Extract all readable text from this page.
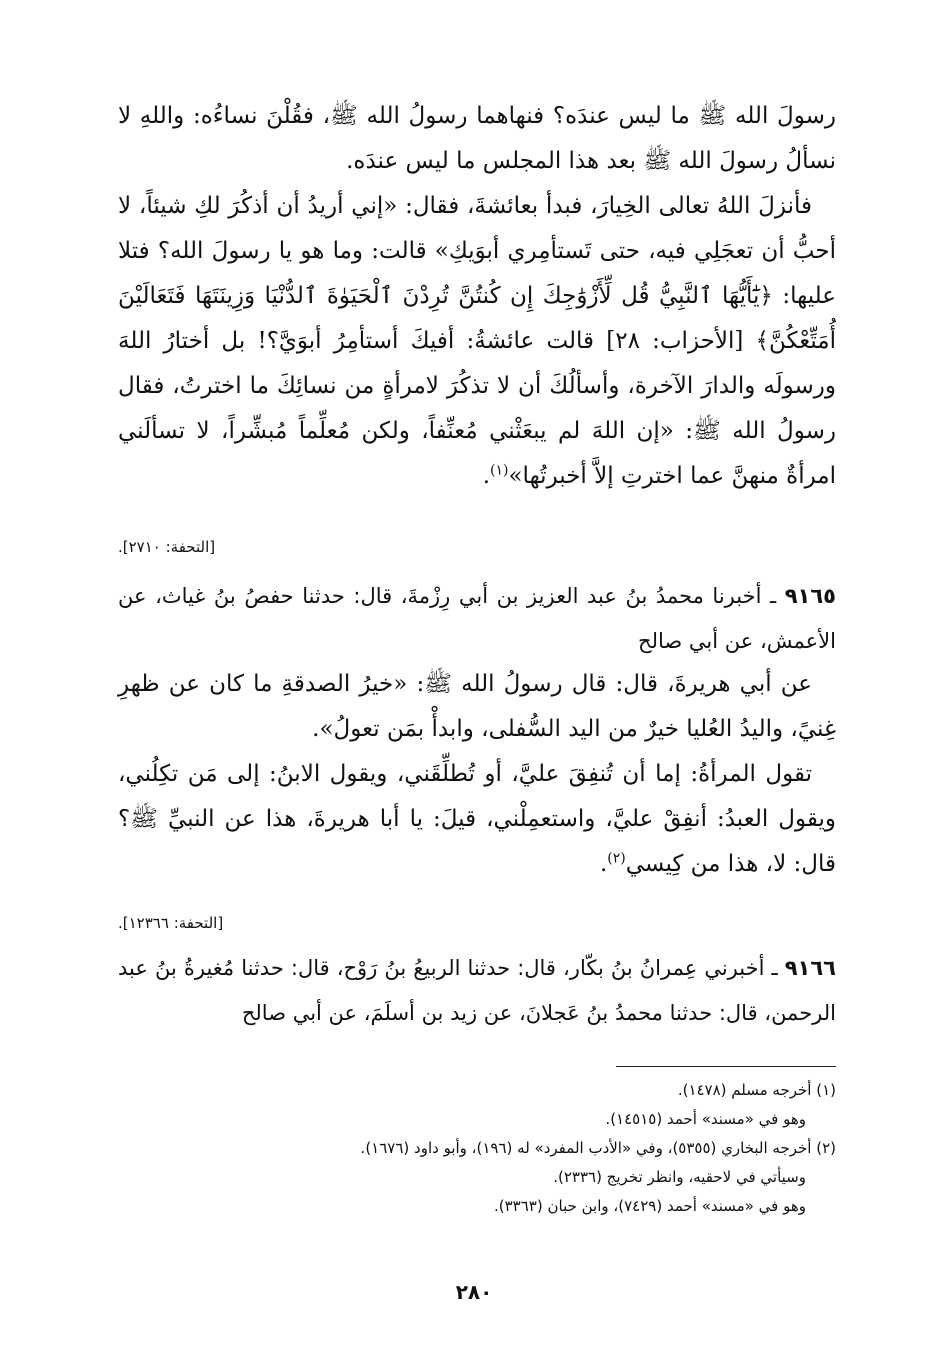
رسولَ الله ﷺ ما ليس عندَه؟ فنهاهما رسولُ الله ﷺ، فقُلْنَ نساءُه: واللهِ لا نسألُ رسولَ الله ﷺ بعد هذا المجلس ما ليس عندَه.

فأنزلَ اللهُ تعالى الخِيارَ، فبدأ بعائشةَ، فقال: «إني أريدُ أن أذكُرَ لكِ شيئاً، لا أحبُّ أن تعجَلِي فيه، حتى تَستأمِري أبوَيكِ» قالت: وما هو يا رسولَ الله؟ فتلا عليها: ﴿يَٰٓأَيُّهَا ٱلنَّبِيُّ قُل لِّأَزْوَٰجِكَ إِن كُنتُنَّ تُرِدْنَ ٱلْحَيَوٰةَ ٱلدُّنْيَا وَزِينَتَهَا فَتَعَالَيْنَ أُمَتِّعْكُنَّ﴾ [الأحزاب: ٢٨] قالت عائشةُ: أفيكَ أستأمِرُ أبوَيَّ؟! بل أختارُ اللهَ ورسولَه والدارَ الآخرة، وأسألُكَ أن لا تذكُرَ لامرأةٍ من نسائِكَ ما اخترتُ، فقال رسولُ الله ﷺ: «إن اللهَ لم يبعَثْني مُعنِّفاً، ولكن مُعلِّماً مُبشِّراً، لا تسألَني امرأةٌ منهنَّ عما اخترتِ إلاَّ أخبرتُها»$^{(١)}$.

[التحفة: ٢٧١٠].

٩١٦٥ ـ أخبرنا محمدُ بنُ عبد العزيز بن أبي رِزْمةَ، قال: حدثنا حفصُ بنُ غياث، عن الأعمش، عن أبي صالح

عن أبي هريرةَ، قال: قال رسولُ الله ﷺ: «خيرُ الصدقةِ ما كان عن ظهرِ غِنيً، واليدُ العُليا خيرٌ من اليد السُّفلى، وابدأْ بمَن تعولُ».

تقول المرأةُ: إما أن تُنفِقَ عليَّ، أو تُطلِّقَني، ويقول الابنُ: إلى مَن تكِلُني، ويقول العبدُ: أنفِقْ عليَّ، واستعمِلْني، قيلَ: يا أبا هريرةَ، هذا عن النبيِّ ﷺ؟ قال: لا، هذا من كِيسي$^{(٢)}$.

[التحفة: ١٢٣٦٦].

٩١٦٦ ـ أخبرني عِمرانُ بنُ بكّار، قال: حدثنا الربيعُ بنُ رَوْح، قال: حدثنا مُغيرةُ بنُ عبد الرحمن، قال: حدثنا محمدُ بنُ عَجلانَ، عن زيد بن أسلَمَ، عن أبي صالح

(١) أخرجه مسلم (١٤٧٨).
وهو في «مسند» أحمد (١٤٥١٥).
(٢) أخرجه البخاري (٥٣٥٥)، وفي «الأدب المفرد» له (١٩٦)، وأبو داود (١٦٧٦).
وسيأتي في لاحقيه، وانظر تخريج (٢٣٣٦).
وهو في «مسند» أحمد (٧٤٢٩)، وابن حبان (٣٣٦٣).
٢٨٠
